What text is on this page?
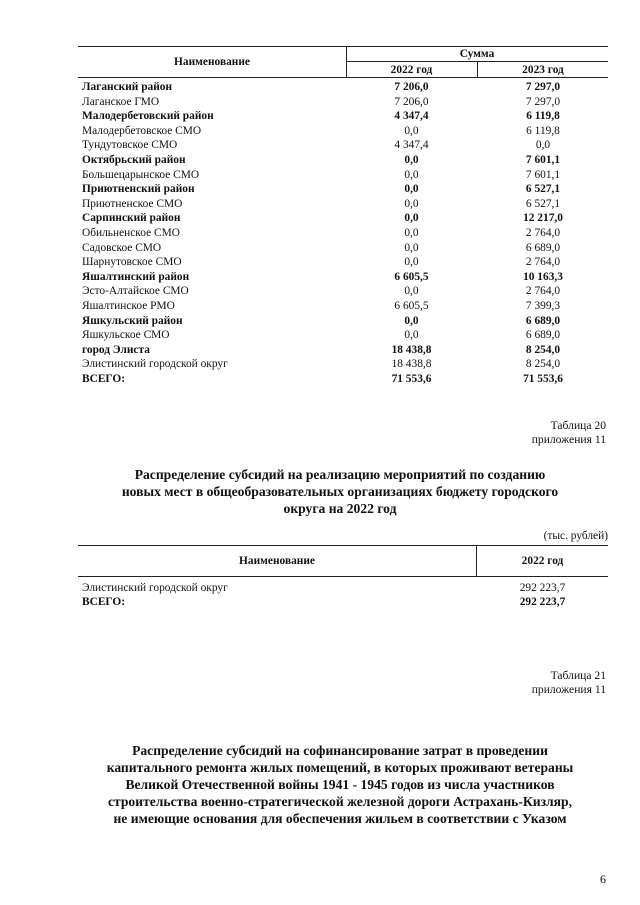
Наименование
Сумма
2022 год	2023 год
Лаганский район	7 206,0	7 297,0
Лаганское ГМО	7 206,0	7 297,0
Малодербетовский район	4 347,4	6 119,8
Малодербетовское СМО	0,0	6 119,8
Тундутовское СМО	4 347,4	0,0
Октябрьский район	0,0	7 601,1
Большецарынское СМО	0,0	7 601,1
Приютненский район	0,0	6 527,1
Приютненское СМО	0,0	6 527,1
Сарпинский район	0,0	12 217,0
Обильненское СМО	0,0	2 764,0
Садовское СМО	0,0	6 689,0
Шарнутовское СМО	0,0	2 764,0
Яшалтинский район	6 605,5	10 163,3
Эсто-Алтайское СМО	0,0	2 764,0
Яшалтинское РМО	6 605,5	7 399,3
Яшкульский район	0,0	6 689,0
Яшкульское СМО	0,0	6 689,0
город Элиста	18 438,8	8 254,0
Элистинский городской округ	18 438,8	8 254,0
ВСЕГО:	71 553,6	71 553,6
Таблица 20
приложения 11
Распределение субсидий на реализацию мероприятий по созданию
новых мест в общеобразовательных организациях бюджету городского
округа на 2022 год
(тыс. рублей)
Наименование	2022 год
Элистинский городской округ	292 223,7
ВСЕГО:	292 223,7
Таблица 21
приложения 11
Распределение субсидий на софинансирование затрат в проведении
капитального ремонта жилых помещений, в которых проживают ветераны
Великой Отечественной войны 1941 - 1945 годов из числа участников
строительства военно-стратегической железной дороги Астрахань-Кизляр,
не имеющие основания для обеспечения жильем в соответствии с Указом
6
